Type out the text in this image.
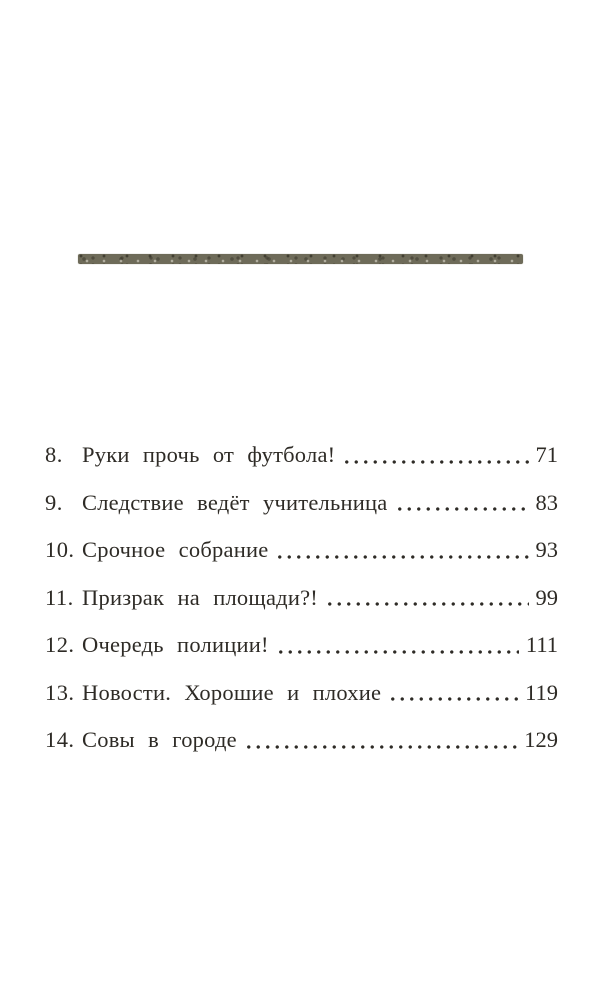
8. Руки прочь от футбола!	71
9. Следствие ведёт учительница	83
10. Срочное собрание	93
11. Призрак на площади?!	99
12. Очередь полиции!	111
13. Новости. Хорошие и плохие	119
14. Совы в городе	129
